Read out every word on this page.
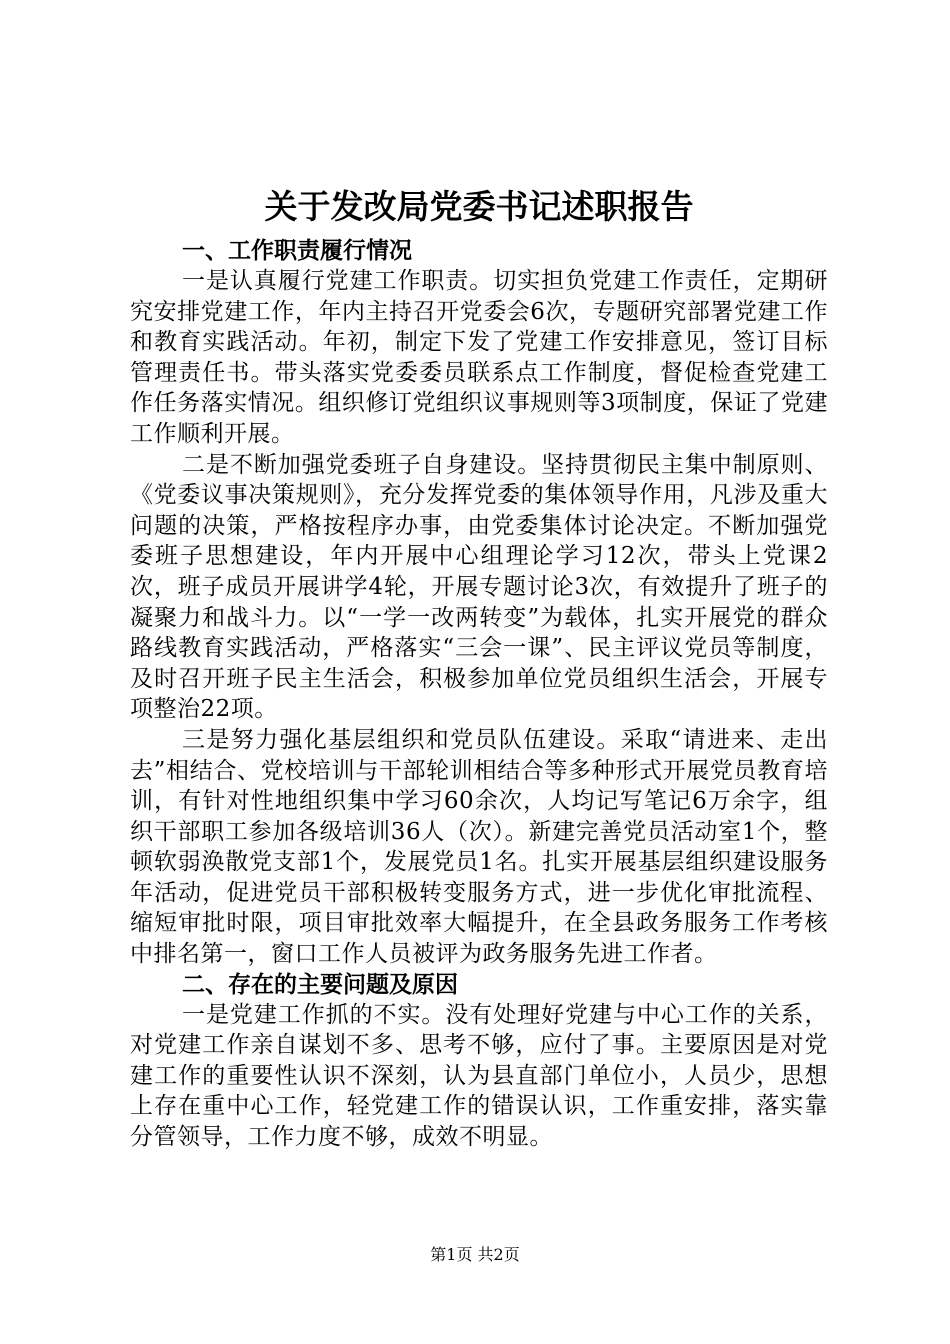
关于发改局党委书记述职报告
一、工作职责履行情况

一是认真履行党建工作职责。切实担负党建工作责任，定期研究安排党建工作，年内主持召开党委会6次，专题研究部署党建工作和教育实践活动。年初，制定下发了党建工作安排意见，签订目标管理责任书。带头落实党委委员联系点工作制度，督促检查党建工作任务落实情况。组织修订党组织议事规则等3项制度，保证了党建工作顺利开展。

二是不断加强党委班子自身建设。坚持贯彻民主集中制原则、《党委议事决策规则》，充分发挥党委的集体领导作用，凡涉及重大问题的决策，严格按程序办事，由党委集体讨论决定。不断加强党委班子思想建设，年内开展中心组理论学习12次，带头上党课2次，班子成员开展讲学4轮，开展专题讨论3次，有效提升了班子的凝聚力和战斗力。以“一学一改两转变”为载体，扎实开展党的群众路线教育实践活动，严格落实“三会一课”、民主评议党员等制度，及时召开班子民主生活会，积极参加单位党员组织生活会，开展专项整治22项。

三是努力强化基层组织和党员队伍建设。采取“请进来、走出去”相结合、党校培训与干部轮训相结合等多种形式开展党员教育培训，有针对性地组织集中学习60余次，人均记写笔记6万余字，组织干部职工参加各级培训36人（次）。新建完善党员活动室1个，整顿软弱涣散党支部1个，发展党员1名。扎实开展基层组织建设服务年活动，促进党员干部积极转变服务方式，进一步优化审批流程、缩短审批时限，项目审批效率大幅提升，在全县政务服务工作考核中排名第一，窗口工作人员被评为政务服务先进工作者。

二、存在的主要问题及原因

一是党建工作抓的不实。没有处理好党建与中心工作的关系，对党建工作亲自谋划不多、思考不够，应付了事。主要原因是对党建工作的重要性认识不深刻，认为县直部门单位小，人员少，思想上存在重中心工作，轻党建工作的错误认识，工作重安排，落实靠分管领导，工作力度不够，成效不明显。

第1页 共2页
